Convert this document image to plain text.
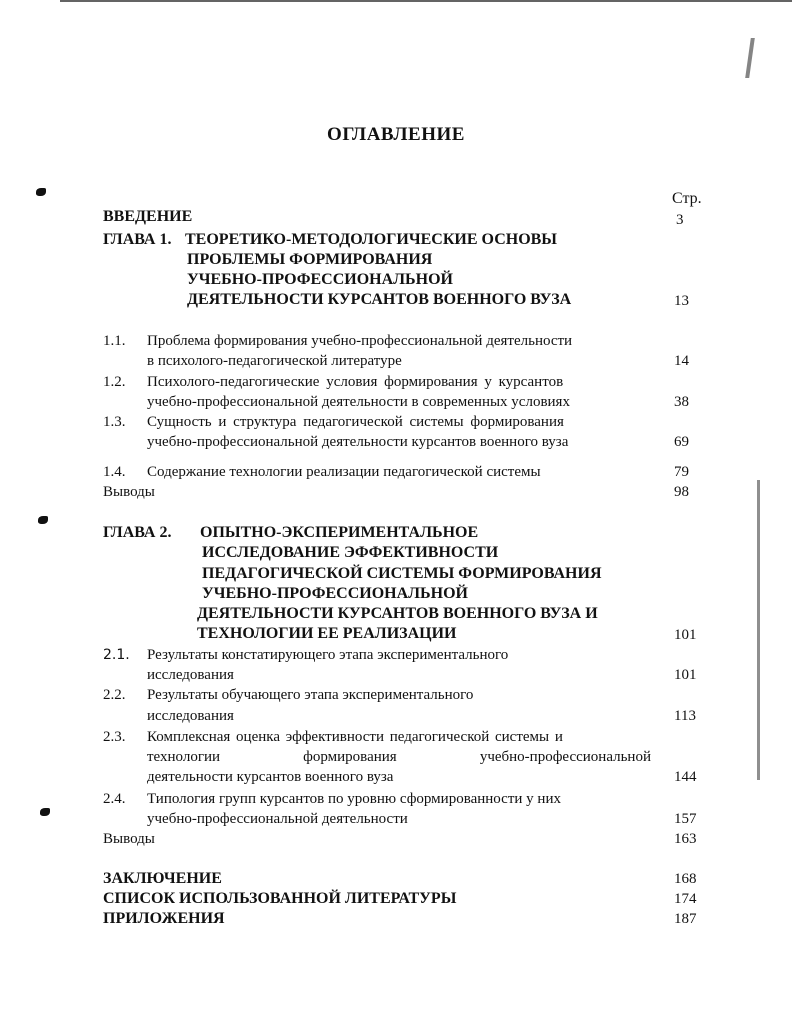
ОГЛАВЛЕНИЕ
Стр.
ВВЕДЕНИЕ	3
ГЛАВА 1. ТЕОРЕТИКО-МЕТОДОЛОГИЧЕСКИЕ ОСНОВЫ
ПРОБЛЕМЫ ФОРМИРОВАНИЯ
УЧЕБНО-ПРОФЕССИОНАЛЬНОЙ
ДЕЯТЕЛЬНОСТИ КУРСАНТОВ ВОЕННОГО ВУЗА	13
1.1. Проблема формирования учебно-профессиональной деятельности
в психолого-педагогической литературе	14
1.2. Психолого-педагогические условия формирования у курсантов
учебно-профессиональной деятельности в современных условиях	38
1.3. Сущность и структура педагогической системы формирования
учебно-профессиональной деятельности курсантов военного вуза	69
1.4. Содержание технологии реализации педагогической системы	79
Выводы	98
ГЛАВА 2. ОПЫТНО-ЭКСПЕРИМЕНТАЛЬНОЕ
ИССЛЕДОВАНИЕ ЭФФЕКТИВНОСТИ
ПЕДАГОГИЧЕСКОЙ СИСТЕМЫ ФОРМИРОВАНИЯ
УЧЕБНО-ПРОФЕССИОНАЛЬНОЙ
ДЕЯТЕЛЬНОСТИ КУРСАНТОВ ВОЕННОГО ВУЗА И
ТЕХНОЛОГИИ ЕЕ РЕАЛИЗАЦИИ	101
2.1. Результаты констатирующего этапа экспериментального
исследования	101
2.2. Результаты обучающего этапа экспериментального
исследования	113
2.3. Комплексная оценка эффективности педагогической системы и
технологии	формирования	учебно-профессиональной
деятельности курсантов военного вуза	144
2.4. Типология групп курсантов по уровню сформированности у них
учебно-профессиональной деятельности	157
Выводы	163
ЗАКЛЮЧЕНИЕ	168
СПИСОК ИСПОЛЬЗОВАННОЙ ЛИТЕРАТУРЫ	174
ПРИЛОЖЕНИЯ	187
